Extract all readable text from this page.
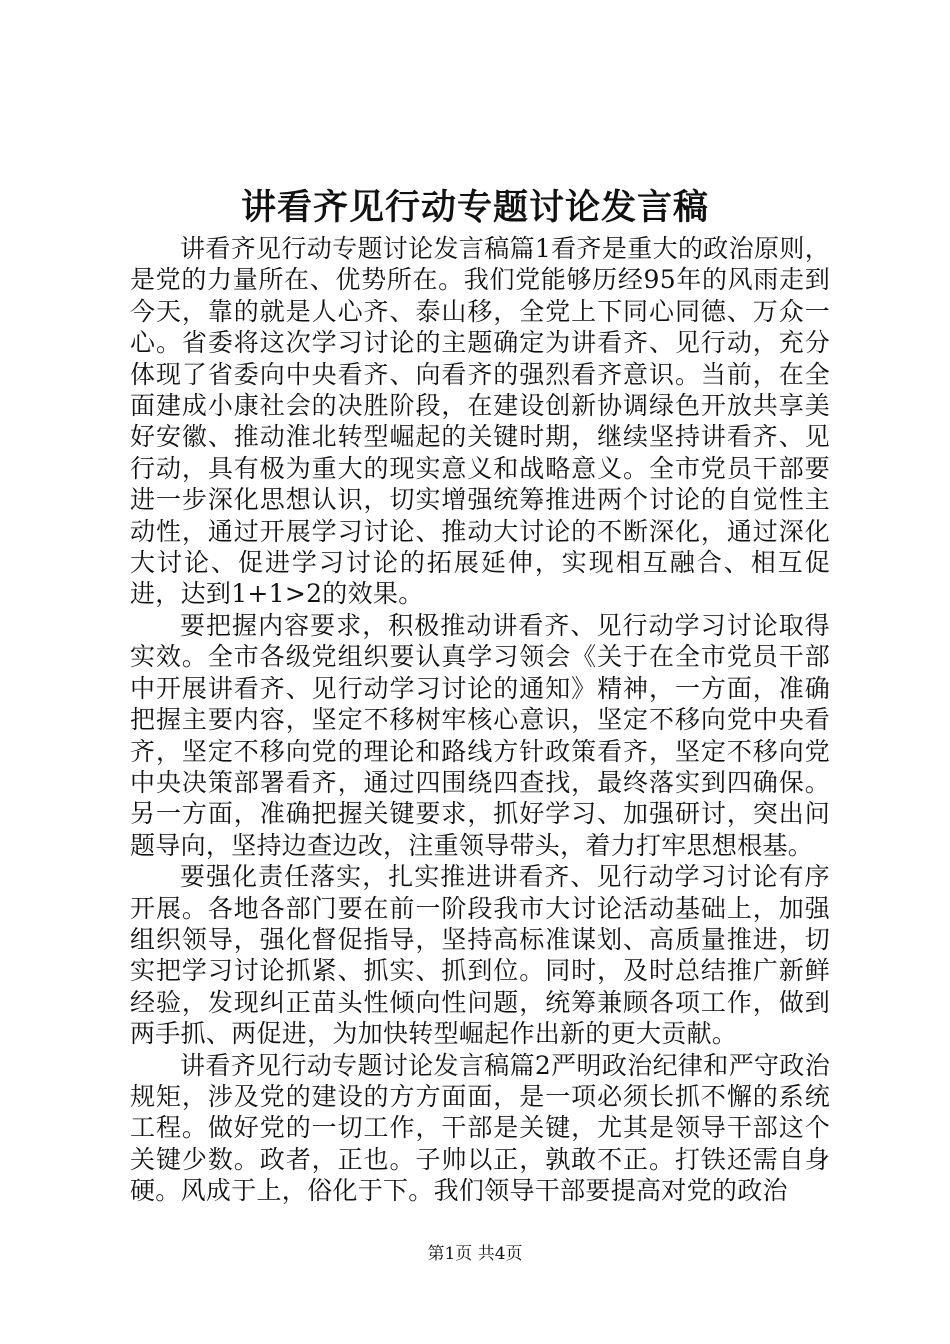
讲看齐见行动专题讨论发言稿

讲看齐见行动专题讨论发言稿篇1看齐是重大的政治原则，是党的力量所在、优势所在。我们党能够历经95年的风雨走到今天，靠的就是人心齐、泰山移，全党上下同心同德、万众一心。省委将这次学习讨论的主题确定为讲看齐、见行动，充分体现了省委向中央看齐、向看齐的强烈看齐意识。当前，在全面建成小康社会的决胜阶段，在建设创新协调绿色开放共享美好安徽、推动淮北转型崛起的关键时期，继续坚持讲看齐、见行动，具有极为重大的现实意义和战略意义。全市党员干部要进一步深化思想认识，切实增强统筹推进两个讨论的自觉性主动性，通过开展学习讨论、推动大讨论的不断深化，通过深化大讨论、促进学习讨论的拓展延伸，实现相互融合、相互促进，达到1+1>2的效果。

要把握内容要求，积极推动讲看齐、见行动学习讨论取得实效。全市各级党组织要认真学习领会《关于在全市党员干部中开展讲看齐、见行动学习讨论的通知》精神，一方面，准确把握主要内容，坚定不移树牢核心意识，坚定不移向党中央看齐，坚定不移向党的理论和路线方针政策看齐，坚定不移向党中央决策部署看齐，通过四围绕四查找，最终落实到四确保。另一方面，准确把握关键要求，抓好学习、加强研讨，突出问题导向，坚持边查边改，注重领导带头，着力打牢思想根基。

要强化责任落实，扎实推进讲看齐、见行动学习讨论有序开展。各地各部门要在前一阶段我市大讨论活动基础上，加强组织领导，强化督促指导，坚持高标准谋划、高质量推进，切实把学习讨论抓紧、抓实、抓到位。同时，及时总结推广新鲜经验，发现纠正苗头性倾向性问题，统筹兼顾各项工作，做到两手抓、两促进，为加快转型崛起作出新的更大贡献。

讲看齐见行动专题讨论发言稿篇2严明政治纪律和严守政治规矩，涉及党的建设的方方面面，是一项必须长抓不懈的系统工程。做好党的一切工作，干部是关键，尤其是领导干部这个关键少数。政者，正也。子帅以正，孰敢不正。打铁还需自身硬。风成于上，俗化于下。我们领导干部要提高对党的政治

第1页 共4页
